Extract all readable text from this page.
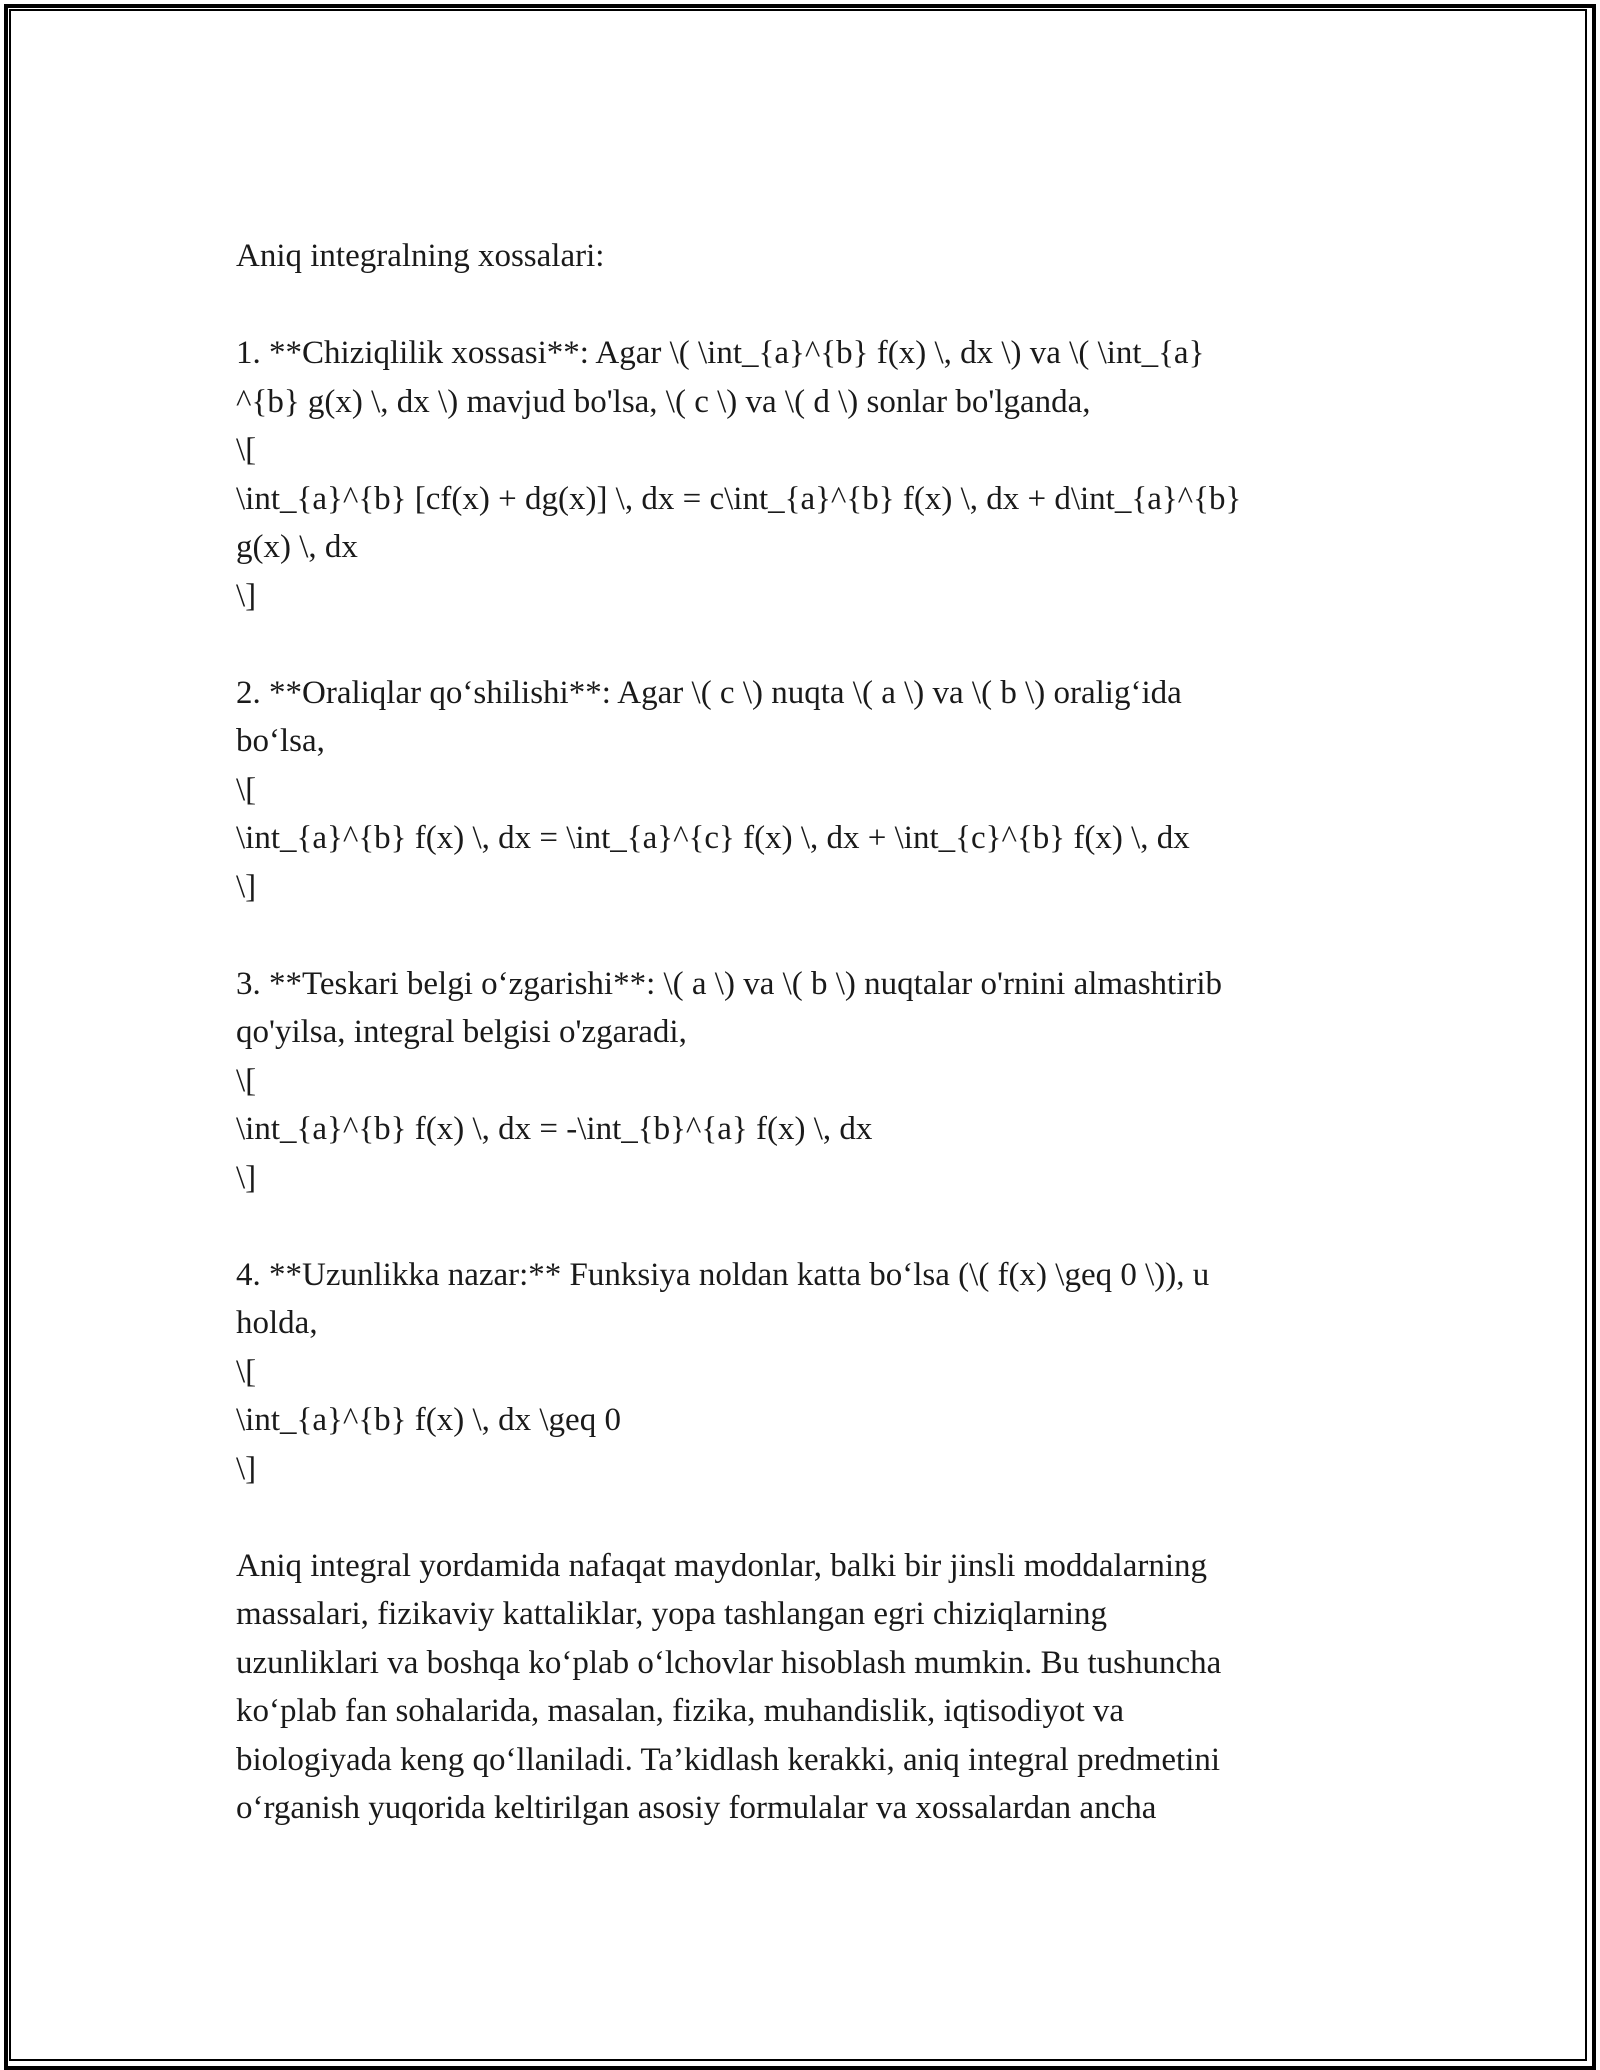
Aniq integralning xossalari:
1. **Chiziqlilik xossasi**: Agar \( \int_{a}^{b} f(x) \, dx \) va \( \int_{a}
^{b} g(x) \, dx \) mavjud bo'lsa, \( c \) va \( d \) sonlar bo'lganda,
\[
\int_{a}^{b} [cf(x) + dg(x)] \, dx = c\int_{a}^{b} f(x) \, dx + d\int_{a}^{b}
g(x) \, dx
\]
2. **Oraliqlar qo‘shilishi**: Agar \( c \) nuqta \( a \) va \( b \) oralig‘ida
bo‘lsa,
\[
\int_{a}^{b} f(x) \, dx = \int_{a}^{c} f(x) \, dx + \int_{c}^{b} f(x) \, dx
\]
3. **Teskari belgi o‘zgarishi**: \( a \) va \( b \) nuqtalar o'rnini almashtirib
qo'yilsa, integral belgisi o'zgaradi,
\[
\int_{a}^{b} f(x) \, dx = -\int_{b}^{a} f(x) \, dx
\]
4. **Uzunlikka nazar:** Funksiya noldan katta bo‘lsa (\( f(x) \geq 0 \)), u
holda,
\[
\int_{a}^{b} f(x) \, dx \geq 0
\]
Aniq integral yordamida nafaqat maydonlar, balki bir jinsli moddalarning
massalari, fizikaviy kattaliklar, yopa tashlangan egri chiziqlarning
uzunliklari va boshqa ko‘plab o‘lchovlar hisoblash mumkin. Bu tushuncha
ko‘plab fan sohalarida, masalan, fizika, muhandislik, iqtisodiyot va
biologiyada keng qo‘llaniladi. Ta’kidlash kerakki, aniq integral predmetini
o‘rganish yuqorida keltirilgan asosiy formulalar va xossalardan ancha
